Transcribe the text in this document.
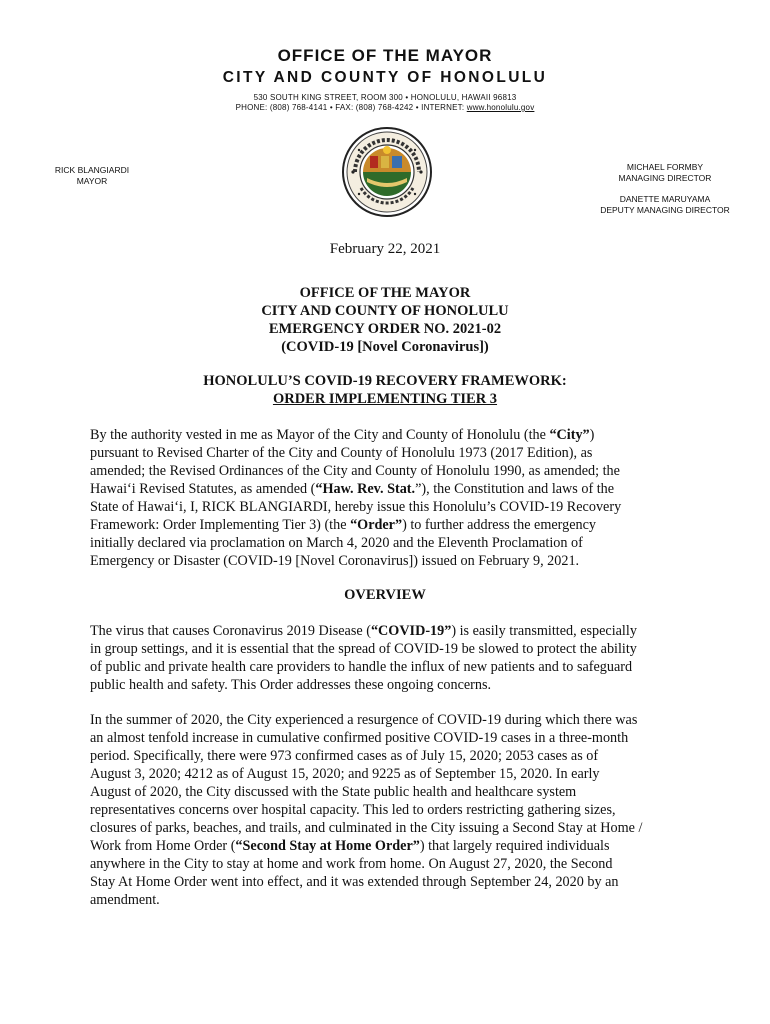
OFFICE OF THE MAYOR
CITY AND COUNTY OF HONOLULU
530 SOUTH KING STREET, ROOM 300 • HONOLULU, HAWAII 96813
PHONE: (808) 768-4141 • FAX: (808) 768-4242 • INTERNET: www.honolulu.gov
RICK BLANGIARDI
MAYOR
MICHAEL FORMBY
MANAGING DIRECTOR
DANETTE MARUYAMA
DEPUTY MANAGING DIRECTOR
February 22, 2021
OFFICE OF THE MAYOR
CITY AND COUNTY OF HONOLULU
EMERGENCY ORDER NO. 2021-02
(COVID-19 [Novel Coronavirus])
HONOLULU’S COVID-19 RECOVERY FRAMEWORK:
ORDER IMPLEMENTING TIER 3
By the authority vested in me as Mayor of the City and County of Honolulu (the “City”)
pursuant to Revised Charter of the City and County of Honolulu 1973 (2017 Edition), as
amended; the Revised Ordinances of the City and County of Honolulu 1990, as amended; the
Hawai‘i Revised Statutes, as amended (“Haw. Rev. Stat.”), the Constitution and laws of the
State of Hawai‘i, I, RICK BLANGIARDI, hereby issue this Honolulu’s COVID-19 Recovery
Framework: Order Implementing Tier 3) (the “Order”) to further address the emergency
initially declared via proclamation on March 4, 2020 and the Eleventh Proclamation of
Emergency or Disaster (COVID-19 [Novel Coronavirus]) issued on February 9, 2021.
OVERVIEW
The virus that causes Coronavirus 2019 Disease (“COVID-19”) is easily transmitted, especially
in group settings, and it is essential that the spread of COVID-19 be slowed to protect the ability
of public and private health care providers to handle the influx of new patients and to safeguard
public health and safety. This Order addresses these ongoing concerns.
In the summer of 2020, the City experienced a resurgence of COVID-19 during which there was
an almost tenfold increase in cumulative confirmed positive COVID-19 cases in a three-month
period. Specifically, there were 973 confirmed cases as of July 15, 2020; 2053 cases as of
August 3, 2020; 4212 as of August 15, 2020; and 9225 as of September 15, 2020. In early
August of 2020, the City discussed with the State public health and healthcare system
representatives concerns over hospital capacity. This led to orders restricting gathering sizes,
closures of parks, beaches, and trails, and culminated in the City issuing a Second Stay at Home /
Work from Home Order (“Second Stay at Home Order”) that largely required individuals
anywhere in the City to stay at home and work from home. On August 27, 2020, the Second
Stay At Home Order went into effect, and it was extended through September 24, 2020 by an
amendment.
